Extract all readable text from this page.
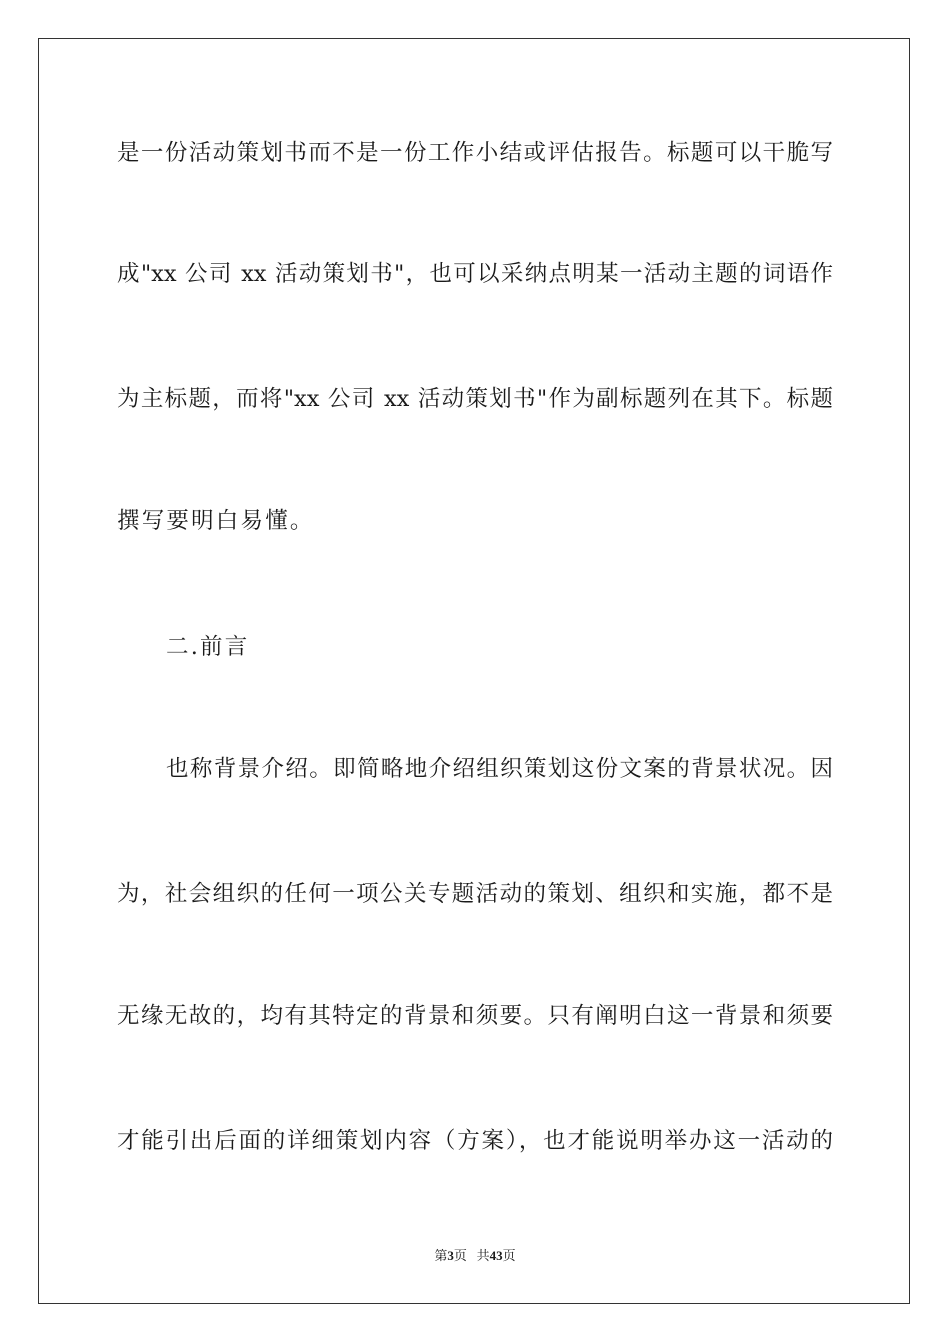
是一份活动策划书而不是一份工作小结或评估报告。标题可以干脆写
成"xx 公司 xx 活动策划书"，也可以采纳点明某一活动主题的词语作
为主标题，而将"xx 公司 xx 活动策划书"作为副标题列在其下。标题
撰写要明白易懂。
二.前言
也称背景介绍。即简略地介绍组织策划这份文案的背景状况。因
为，社会组织的任何一项公关专题活动的策划、组织和实施，都不是
无缘无故的，均有其特定的背景和须要。只有阐明白这一背景和须要
才能引出后面的详细策划内容（方案），也才能说明举办这一活动的
第3页 共43页
